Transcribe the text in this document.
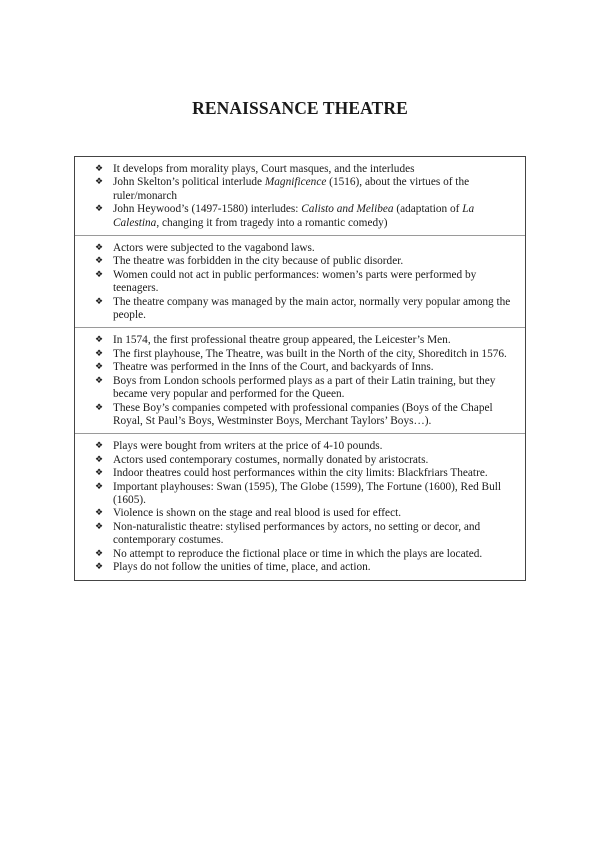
RENAISSANCE THEATRE
❖ It develops from morality plays, Court masques, and the interludes
❖ John Skelton’s political interlude Magnificence (1516), about the virtues of the ruler/monarch
❖ John Heywood’s (1497-1580) interludes: Calisto and Melibea (adaptation of La Calestina, changing it from tragedy into a romantic comedy)
❖ Actors were subjected to the vagabond laws.
❖ The theatre was forbidden in the city because of public disorder.
❖ Women could not act in public performances: women’s parts were performed by teenagers.
❖ The theatre company was managed by the main actor, normally very popular among the people.
❖ In 1574, the first professional theatre group appeared, the Leicester’s Men.
❖ The first playhouse, The Theatre, was built in the North of the city, Shoreditch in 1576.
❖ Theatre was performed in the Inns of the Court, and backyards of Inns.
❖ Boys from London schools performed plays as a part of their Latin training, but they became very popular and performed for the Queen.
❖ These Boy’s companies competed with professional companies (Boys of the Chapel Royal, St Paul’s Boys, Westminster Boys, Merchant Taylors’ Boys…).
❖ Plays were bought from writers at the price of 4-10 pounds.
❖ Actors used contemporary costumes, normally donated by aristocrats.
❖ Indoor theatres could host performances within the city limits: Blackfriars Theatre.
❖ Important playhouses: Swan (1595), The Globe (1599), The Fortune (1600), Red Bull (1605).
❖ Violence is shown on the stage and real blood is used for effect.
❖ Non-naturalistic theatre: stylised performances by actors, no setting or decor, and contemporary costumes.
❖ No attempt to reproduce the fictional place or time in which the plays are located.
❖ Plays do not follow the unities of time, place, and action.
